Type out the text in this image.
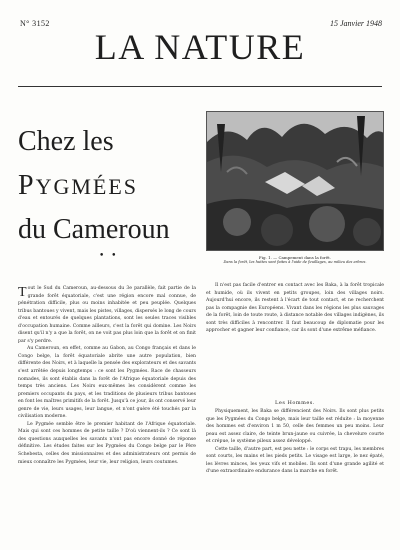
N° 3152	15 Janvier 1948
LA NATURE
Chez les
PYGMÉES
du Cameroun
• •	Fig. 1. — Campement dans la forêt.
Dans la forêt, les huttes sont faites à l'aide de feuillages, au milieu des arbres.

Tout le Sud du Cameroun, au-dessous du 3e parallèle, fait partie de la grande forêt équatoriale, c'est une région encore mal connue, de pénétration difficile, plus ou moins inhabitée et peu peuplée. Quelques tribus bantoues y vivent, mais les pistes, villages, dispersés le long de cours d'eau et entourés de quelques plantations, sont les seules traces visibles d'occupation humaine. Comme ailleurs, c'est la forêt qui domine. Les Noirs disent qu'il n'y a que la forêt, on ne voit pas plus loin que la forêt et on finit par s'y perdre.

Au Cameroun, en effet, comme au Gabon, au Congo français et dans le Congo belge, la forêt équatoriale abrite une autre population, bien différente des Noirs, et à laquelle la pensée des explorateurs et des savants s'est arrêtée depuis longtemps : ce sont les Pygmées. Race de chasseurs nomades, ils sont établis dans la forêt de l'Afrique équatoriale depuis des temps très anciens. Les Noirs eux-mêmes les considèrent comme les premiers occupants du pays, et les traditions de plusieurs tribus bantoues en font les maîtres primitifs de la forêt. Jusqu'à ce jour, ils ont conservé leur genre de vie, leurs usages, leur langue, et n'ont guère été touchés par la civilisation moderne.

Le Pygmée semble être le premier habitant de l'Afrique équatoriale. Mais qui sont ces hommes de petite taille ? D'où viennent-ils ? Ce sont là des questions auxquelles les savants n'ont pas encore donné de réponse définitive. Les études faites sur les Pygmées du Congo belge par le Père Schebesta, celles des missionnaires et des administrateurs ont permis de mieux connaître les Pygmées, leur vie, leur religion, leurs coutumes.

Il n'est pas facile d'entrer en contact avec les Baka, à la forêt tropicale et humide, où ils vivent en petits groupes, loin des villages noirs. Aujourd'hui encore, ils restent à l'écart de tout contact, et ne recherchent pas la compagnie des Européens. Vivant dans les régions les plus sauvages de la forêt, loin de toute route, à distance notable des villages indigènes, ils sont très difficiles à rencontrer. Il faut beaucoup de diplomatie pour les approcher et gagner leur confiance, car ils sont d'une extrême méfiance.

Les Hommes.

Physiquement, les Baka se différencient des Noirs. Ils sont plus petits que les Pygmées du Congo belge, mais leur taille est réduite : la moyenne des hommes est d'environ 1 m 50, celle des femmes un peu moins. Leur peau est assez claire, de teinte brun-jaune ou cuivrée, la chevelure courte et crépue, le système pileux assez développé.

Cette taille, d'autre part, est peu nette : le corps est trapu, les membres sont courts, les mains et les pieds petits. Le visage est large, le nez épaté, les lèvres minces, les yeux vifs et mobiles. Ils sont d'une grande agilité et d'une extraordinaire endurance dans la marche en forêt.
